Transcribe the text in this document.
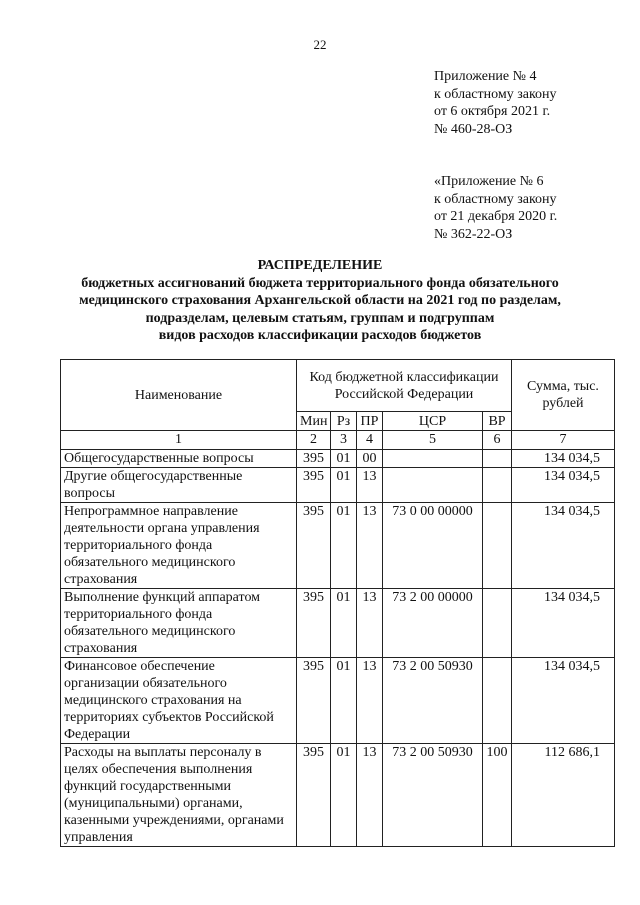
22
Приложение № 4
к областному закону
от 6 октября 2021 г.
№ 460-28-ОЗ
«Приложение № 6
к областному закону
от 21 декабря 2020 г.
№ 362-22-ОЗ
РАСПРЕДЕЛЕНИЕ
бюджетных ассигнований бюджета территориального фонда обязательного
медицинского страхования Архангельской области на 2021 год по разделам,
подразделам, целевым статьям, группам и подгруппам
видов расходов классификации расходов бюджетов
Наименование	Код бюджетной классификации Российской Федерации					Сумма, тыс. рублей
	Мин	Рз	ПР	ЦСР	ВР	
1	2	3	4	5	6	7
Общегосударственные вопросы	395	01	00			134 034,5
Другие общегосударственные вопросы	395	01	13			134 034,5
Непрограммное направление деятельности органа управления территориального фонда обязательного медицинского страхования	395	01	13	73 0 00 00000		134 034,5
Выполнение функций аппаратом территориального фонда обязательного медицинского страхования	395	01	13	73 2 00 00000		134 034,5
Финансовое обеспечение организации обязательного медицинского страхования на территориях субъектов Российской Федерации	395	01	13	73 2 00 50930		134 034,5
Расходы на выплаты персоналу в целях обеспечения выполнения функций государственными (муниципальными) органами, казенными учреждениями, органами управления	395	01	13	73 2 00 50930	100	112 686,1
